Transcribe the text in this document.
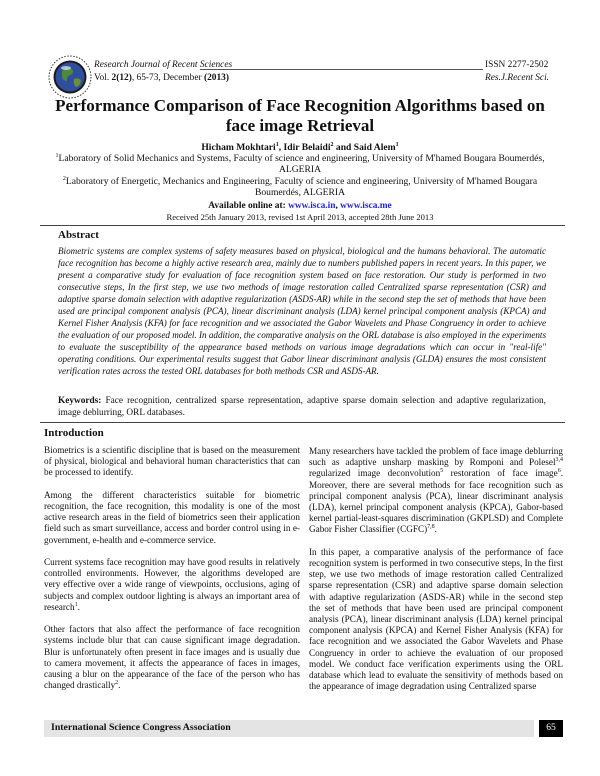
Research Journal of Recent Sciences
Vol. 2(12), 65-73, December (2013)
ISSN 2277-2502
Res.J.Recent Sci.
Performance Comparison of Face Recognition Algorithms based on face image Retrieval
Hicham Mokhtari$^1$, Idir Belaidi$^2$ and Said Alem$^1$
$^1$Laboratory of Solid Mechanics and Systems, Faculty of science and engineering, University of M'hamed Bougara Boumerdés, ALGERIA
$^2$Laboratory of Energetic, Mechanics and Engineering, Faculty of science and engineering, University of M'hamed Bougara Boumerdés, ALGERIA
Available online at: www.isca.in, www.isca.me
Received 25th January 2013, revised 1st April 2013, accepted 28th June 2013
Abstract
Biometric systems are complex systems of safety measures based on physical, biological and the humans behavioral. The automatic face recognition has become a highly active research area, mainly due to numbers published papers in recent years. In this paper, we present a comparative study for evaluation of face recognition system based on face restoration. Our study is performed in two consecutive steps, In the first step, we use two methods of image restoration called Centralized sparse representation (CSR) and adaptive sparse domain selection with adaptive regularization (ASDS-AR) while in the second step the set of methods that have been used are principal component analysis (PCA), linear discriminant analysis (LDA) kernel principal component analysis (KPCA) and Kernel Fisher Analysis (KFA) for face recognition and we associated the Gabor Wavelets and Phase Congruency in order to achieve the evaluation of our proposed model. In addition, the comparative analysis on the ORL database is also employed in the experiments to evaluate the susceptibility of the appearance based methods on various image degradations which can occur in "real-life" operating conditions. Our experimental results suggest that Gabor linear discriminant analysis (GLDA) ensures the most consistent verification rates across the tested ORL databases for both methods CSR and ASDS-AR.
Keywords: Face recognition, centralized sparse representation, adaptive sparse domain selection and adaptive regularization, image deblurring, ORL databases.
Introduction

Biometrics is a scientific discipline that is based on the measurement of physical, biological and behavioral human characteristics that can be processed to identify.

Among the different characteristics suitable for biometric recognition, the face recognition, this modality is one of the most active research areas in the field of biometrics seen their application field such as smart surveillance, access and border control using in e-government, e-health and e-commerce service.

Current systems face recognition may have good results in relatively controlled environments. However, the algorithms developed are very effective over a wide range of viewpoints, occlusions, aging of subjects and complex outdoor lighting is always an important area of research$^1$.

Other factors that also affect the performance of face recognition systems include blur that can cause significant image degradation. Blur is unfortunately often present in face images and is usually due to camera movement, it affects the appearance of faces in images, causing a blur on the appearance of the face of the person who has changed drastically$^2$.

Many researchers have tackled the problem of face image deblurring such as adaptive unsharp masking by Romponi and Polesel$^{3,4}$ regularized image deconvolution$^5$ restoration of face image$^6$. Moreover, there are several methods for face recognition such as principal component analysis (PCA), linear discriminant analysis (LDA), kernel principal component analysis (KPCA), Gabor-based kernel partial-least-squares discrimination (GKPLSD) and Complete Gabor Fisher Classifier (CGFC)$^{7,8}$.

In this paper, a comparative analysis of the performance of face recognition system is performed in two consecutive steps, In the first step, we use two methods of image restoration called Centralized sparse representation (CSR) and adaptive sparse domain selection with adaptive regularization (ASDS-AR) while in the second step the set of methods that have been used are principal component analysis (PCA), linear discriminant analysis (LDA) kernel principal component analysis (KPCA) and Kernel Fisher Analysis (KFA) for face recognition and we associated the Gabor Wavelets and Phase Congruency in order to achieve the evaluation of our proposed model. We conduct face verification experiments using the ORL database which lead to evaluate the sensitivity of methods based on the appearance of image degradation using Centralized sparse

International Science Congress Association	65
